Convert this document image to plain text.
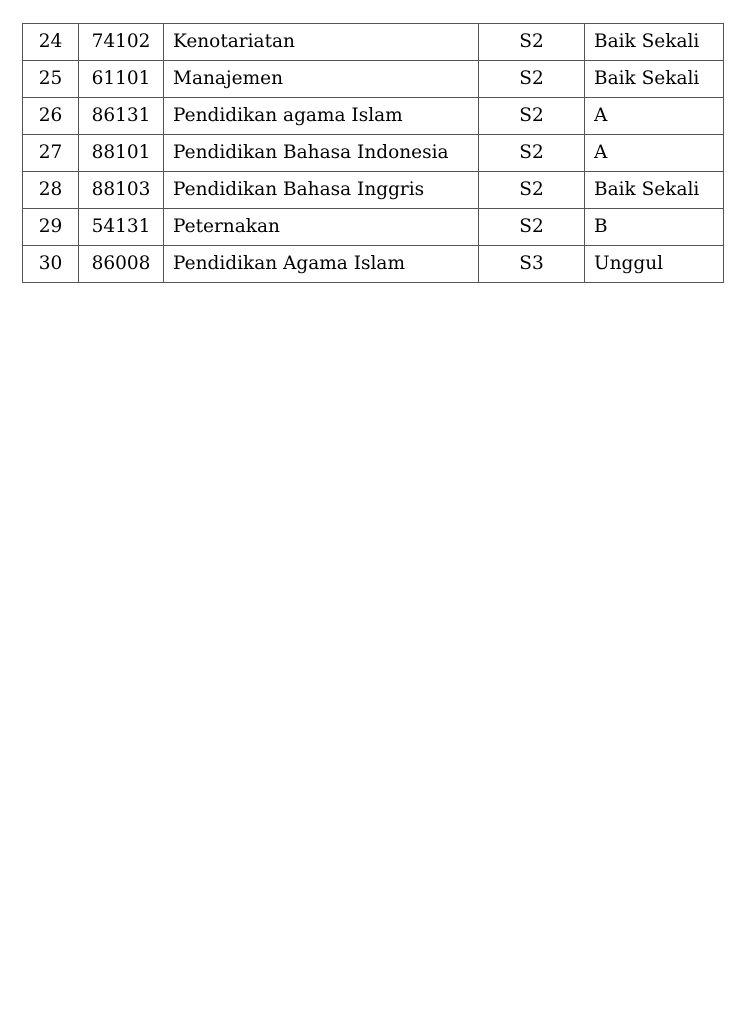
24	74102	Kenotariatan	S2	Baik Sekali
25	61101	Manajemen	S2	Baik Sekali
26	86131	Pendidikan agama Islam	S2	A
27	88101	Pendidikan Bahasa Indonesia	S2	A
28	88103	Pendidikan Bahasa Inggris	S2	Baik Sekali
29	54131	Peternakan	S2	B
30	86008	Pendidikan Agama Islam	S3	Unggul
